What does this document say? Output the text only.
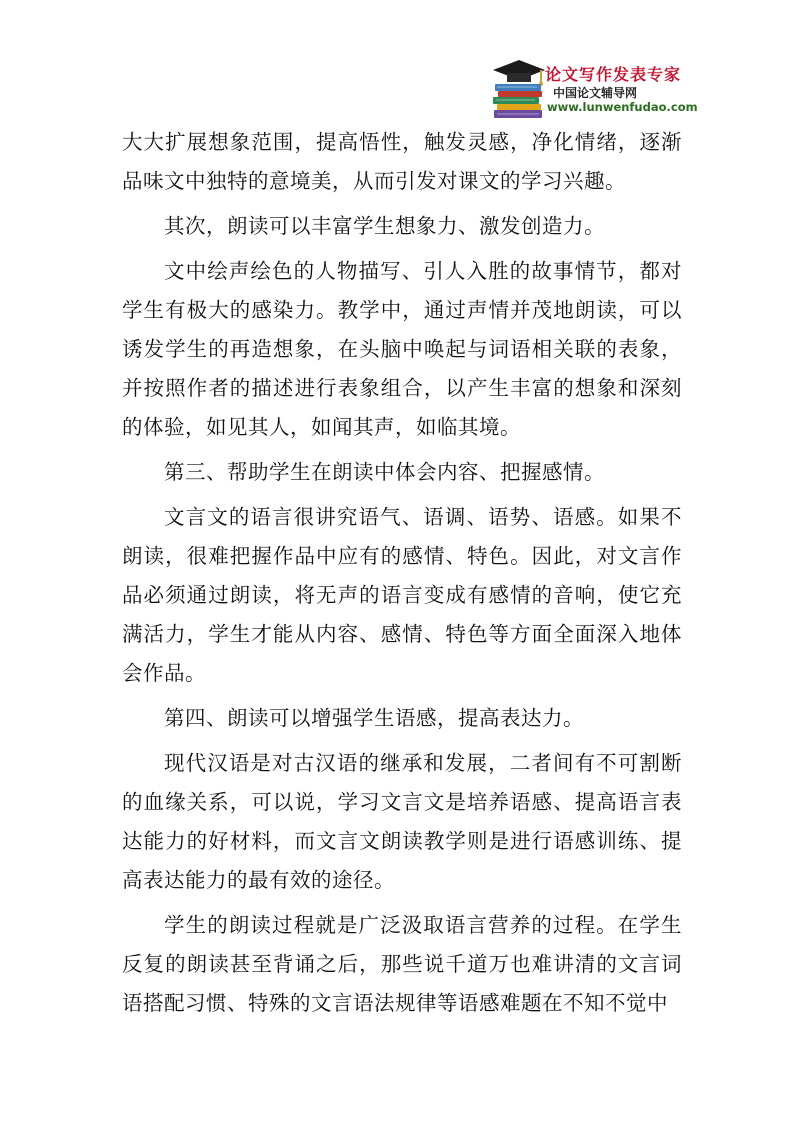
论文写作发表专家
中国论文辅导网
www.lunwenfudao.com

大大扩展想象范围，提高悟性，触发灵感，净化情绪，逐渐品味文中独特的意境美，从而引发对课文的学习兴趣。

其次，朗读可以丰富学生想象力、激发创造力。

文中绘声绘色的人物描写、引人入胜的故事情节，都对学生有极大的感染力。教学中，通过声情并茂地朗读，可以诱发学生的再造想象，在头脑中唤起与词语相关联的表象，并按照作者的描述进行表象组合，以产生丰富的想象和深刻的体验，如见其人，如闻其声，如临其境。

第三、帮助学生在朗读中体会内容、把握感情。

文言文的语言很讲究语气、语调、语势、语感。如果不朗读，很难把握作品中应有的感情、特色。因此，对文言作品必须通过朗读，将无声的语言变成有感情的音响，使它充满活力，学生才能从内容、感情、特色等方面全面深入地体会作品。

第四、朗读可以增强学生语感，提高表达力。

现代汉语是对古汉语的继承和发展，二者间有不可割断的血缘关系，可以说，学习文言文是培养语感、提高语言表达能力的好材料，而文言文朗读教学则是进行语感训练、提高表达能力的最有效的途径。

学生的朗读过程就是广泛汲取语言营养的过程。在学生反复的朗读甚至背诵之后，那些说千道万也难讲清的文言词语搭配习惯、特殊的文言语法规律等语感难题在不知不觉中
